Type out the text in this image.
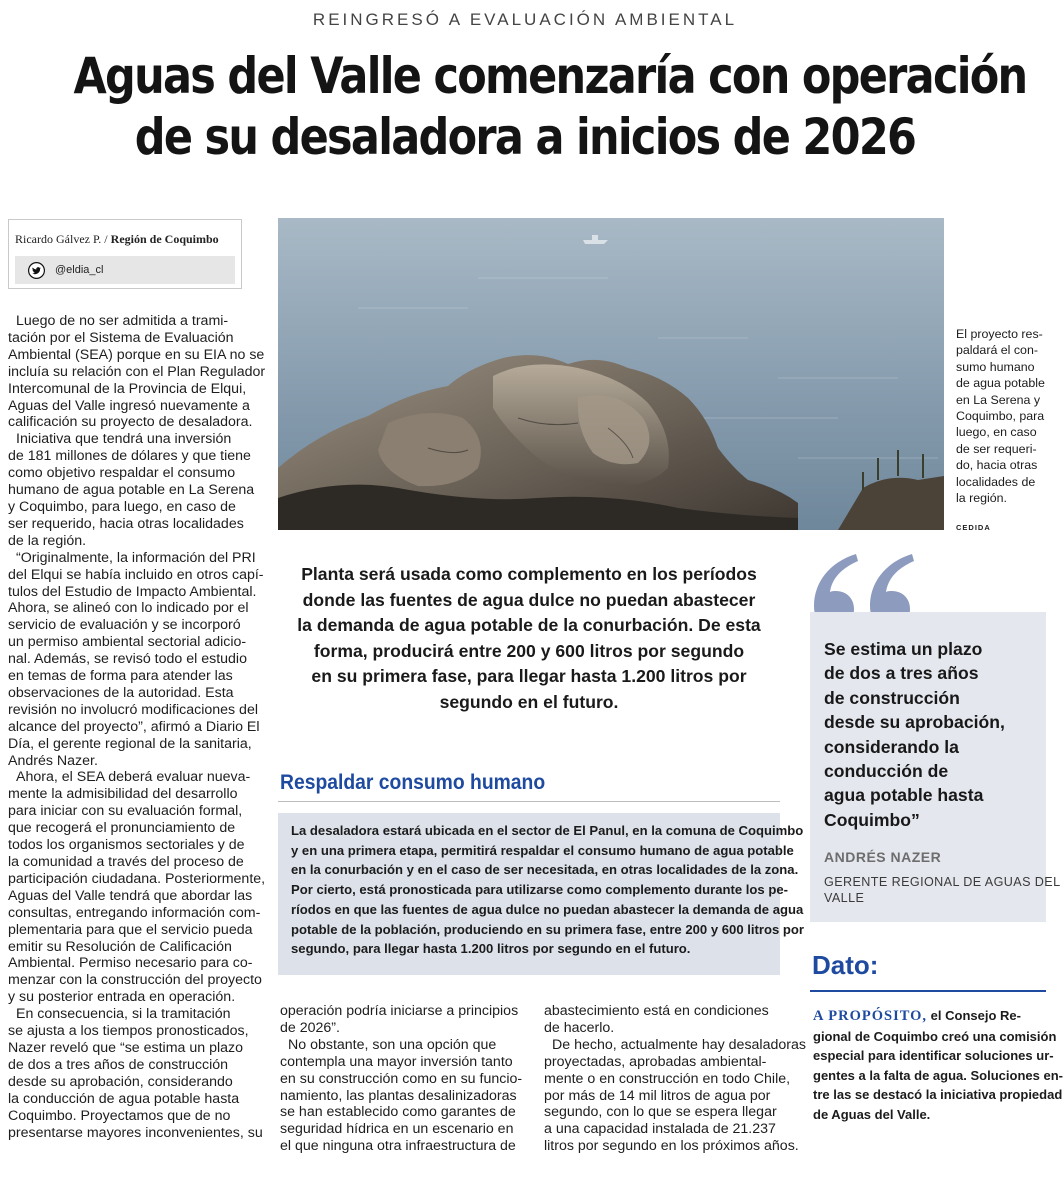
REINGRESÓ A EVALUACIÓN AMBIENTAL
Aguas del Valle comenzaría con operación
de su desaladora a inicios de 2026
Ricardo Gálvez P. / Región de Coquimbo
@eldia_cl
Luego de no ser admitida a trami-
tación por el Sistema de Evaluación
Ambiental (SEA) porque en su EIA no se
incluía su relación con el Plan Regulador
Intercomunal de la Provincia de Elqui,
Aguas del Valle ingresó nuevamente a
calificación su proyecto de desaladora.
Iniciativa que tendrá una inversión
de 181 millones de dólares y que tiene
como objetivo respaldar el consumo
humano de agua potable en La Serena
y Coquimbo, para luego, en caso de
ser requerido, hacia otras localidades
de la región.
“Originalmente, la información del PRI
del Elqui se había incluido en otros capí-
tulos del Estudio de Impacto Ambiental.
Ahora, se alineó con lo indicado por el
servicio de evaluación y se incorporó
un permiso ambiental sectorial adicio-
nal. Además, se revisó todo el estudio
en temas de forma para atender las
observaciones de la autoridad. Esta
revisión no involucró modificaciones del
alcance del proyecto”, afirmó a Diario El
Día, el gerente regional de la sanitaria,
Andrés Nazer.
Ahora, el SEA deberá evaluar nueva-
mente la admisibilidad del desarrollo
para iniciar con su evaluación formal,
que recogerá el pronunciamiento de
todos los organismos sectoriales y de
la comunidad a través del proceso de
participación ciudadana. Posteriormente,
Aguas del Valle tendrá que abordar las
consultas, entregando información com-
plementaria para que el servicio pueda
emitir su Resolución de Calificación
Ambiental. Permiso necesario para co-
menzar con la construcción del proyecto
y su posterior entrada en operación.
En consecuencia, si la tramitación
se ajusta a los tiempos pronosticados,
Nazer reveló que “se estima un plazo
de dos a tres años de construcción
desde su aprobación, considerando
la conducción de agua potable hasta
Coquimbo. Proyectamos que de no
presentarse mayores inconvenientes, su
El proyecto res-
paldará el con-
sumo humano
de agua potable
en La Serena y
Coquimbo, para
luego, en caso
de ser requeri-
do, hacia otras
localidades de
la región.
CEDIDA
Planta será usada como complemento en los períodos
donde las fuentes de agua dulce no puedan abastecer
la demanda de agua potable de la conurbación. De esta
forma, producirá entre 200 y 600 litros por segundo
en su primera fase, para llegar hasta 1.200 litros por
segundo en el futuro.
Respaldar consumo humano
La desaladora estará ubicada en el sector de El Panul, en la comuna de Coquimbo
y en una primera etapa, permitirá respaldar el consumo humano de agua potable
en la conurbación y en el caso de ser necesitada, en otras localidades de la zona.
Por cierto, está pronosticada para utilizarse como complemento durante los pe-
ríodos en que las fuentes de agua dulce no puedan abastecer la demanda de agua
potable de la población, produciendo en su primera fase, entre 200 y 600 litros por
segundo, para llegar hasta 1.200 litros por segundo en el futuro.
operación podría iniciarse a principios
de 2026”.
No obstante, son una opción que
contempla una mayor inversión tanto
en su construcción como en su funcio-
namiento, las plantas desalinizadoras
se han establecido como garantes de
seguridad hídrica en un escenario en
el que ninguna otra infraestructura de
abastecimiento está en condiciones
de hacerlo.
De hecho, actualmente hay desaladoras
proyectadas, aprobadas ambiental-
mente o en construcción en todo Chile,
por más de 14 mil litros de agua por
segundo, con lo que se espera llegar
a una capacidad instalada de 21.237
litros por segundo en los próximos años.
Se estima un plazo
de dos a tres años
de construcción
desde su aprobación,
considerando la
conducción de
agua potable hasta
Coquimbo”
ANDRÉS NAZER
GERENTE REGIONAL DE AGUAS DEL
VALLE
Dato:
A PROPÓSITO, el Consejo Re-
gional de Coquimbo creó una comisión
especial para identificar soluciones ur-
gentes a la falta de agua. Soluciones en-
tre las se destacó la iniciativa propiedad
de Aguas del Valle.
